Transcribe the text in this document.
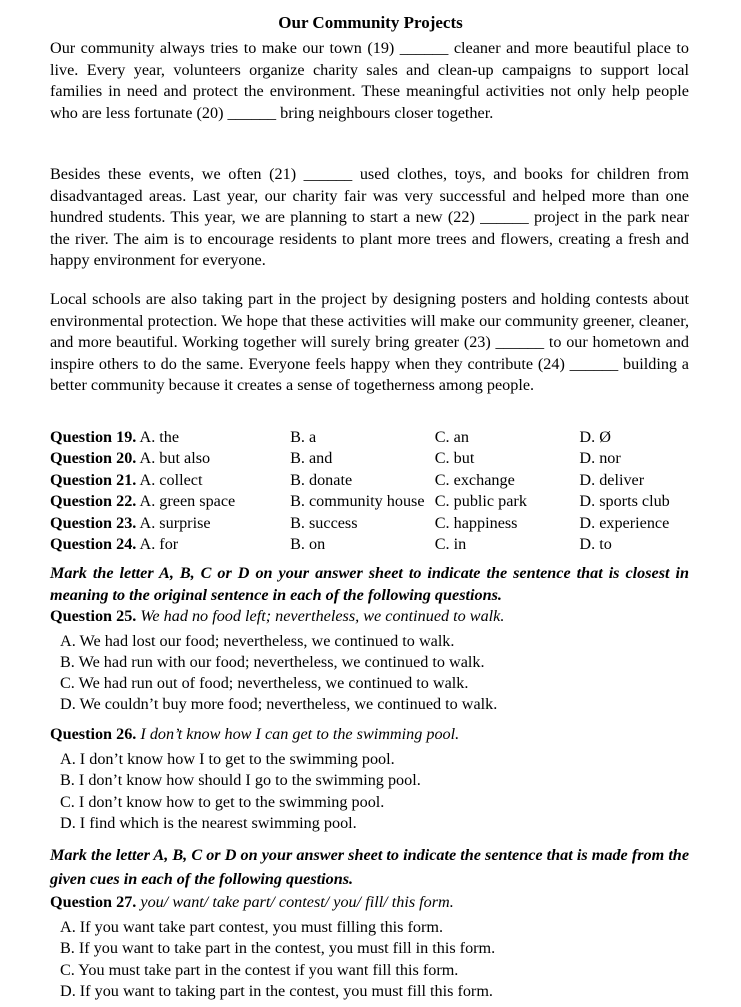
Our Community Projects

Our community always tries to make our town (19) ______ cleaner and more beautiful place to live. Every year, volunteers organize charity sales and clean-up campaigns to support local families in need and protect the environment. These meaningful activities not only help people who are less fortunate (20) ______ bring neighbours closer together.

Besides these events, we often (21) ______ used clothes, toys, and books for children from disadvantaged areas. Last year, our charity fair was very successful and helped more than one hundred students. This year, we are planning to start a new (22) ______ project in the park near the river. The aim is to encourage residents to plant more trees and flowers, creating a fresh and happy environment for everyone.

Local schools are also taking part in the project by designing posters and holding contests about environmental protection. We hope that these activities will make our community greener, cleaner, and more beautiful. Working together will surely bring greater (23) ______ to our hometown and inspire others to do the same. Everyone feels happy when they contribute (24) ______ building a better community because it creates a sense of togetherness among people.

Question 19. A. the	B. a	C. an	D. Ø
Question 20. A. but also	B. and	C. but	D. nor
Question 21. A. collect	B. donate	C. exchange	D. deliver
Question 22. A. green space	B. community house	C. public park	D. sports club
Question 23. A. surprise	B. success	C. happiness	D. experience
Question 24. A. for	B. on	C. in	D. to

Mark the letter A, B, C or D on your answer sheet to indicate the sentence that is closest in meaning to the original sentence in each of the following questions.

Question 25. We had no food left; nevertheless, we continued to walk.
A. We had lost our food; nevertheless, we continued to walk.
B. We had run with our food; nevertheless, we continued to walk.
C. We had run out of food; nevertheless, we continued to walk.
D. We couldn’t buy more food; nevertheless, we continued to walk.
Question 26. I don’t know how I can get to the swimming pool.
A. I don’t know how I to get to the swimming pool.
B. I don’t know how should I go to the swimming pool.
C. I don’t know how to get to the swimming pool.
D. I find which is the nearest swimming pool.

Mark the letter A, B, C or D on your answer sheet to indicate the sentence that is made from the given cues in each of the following questions.

Question 27. you/ want/ take part/ contest/ you/ fill/ this form.
A. If you want take part contest, you must filling this form.
B. If you want to take part in the contest, you must fill in this form.
C. You must take part in the contest if you want fill this form.
D. If you want to taking part in the contest, you must fill this form.
